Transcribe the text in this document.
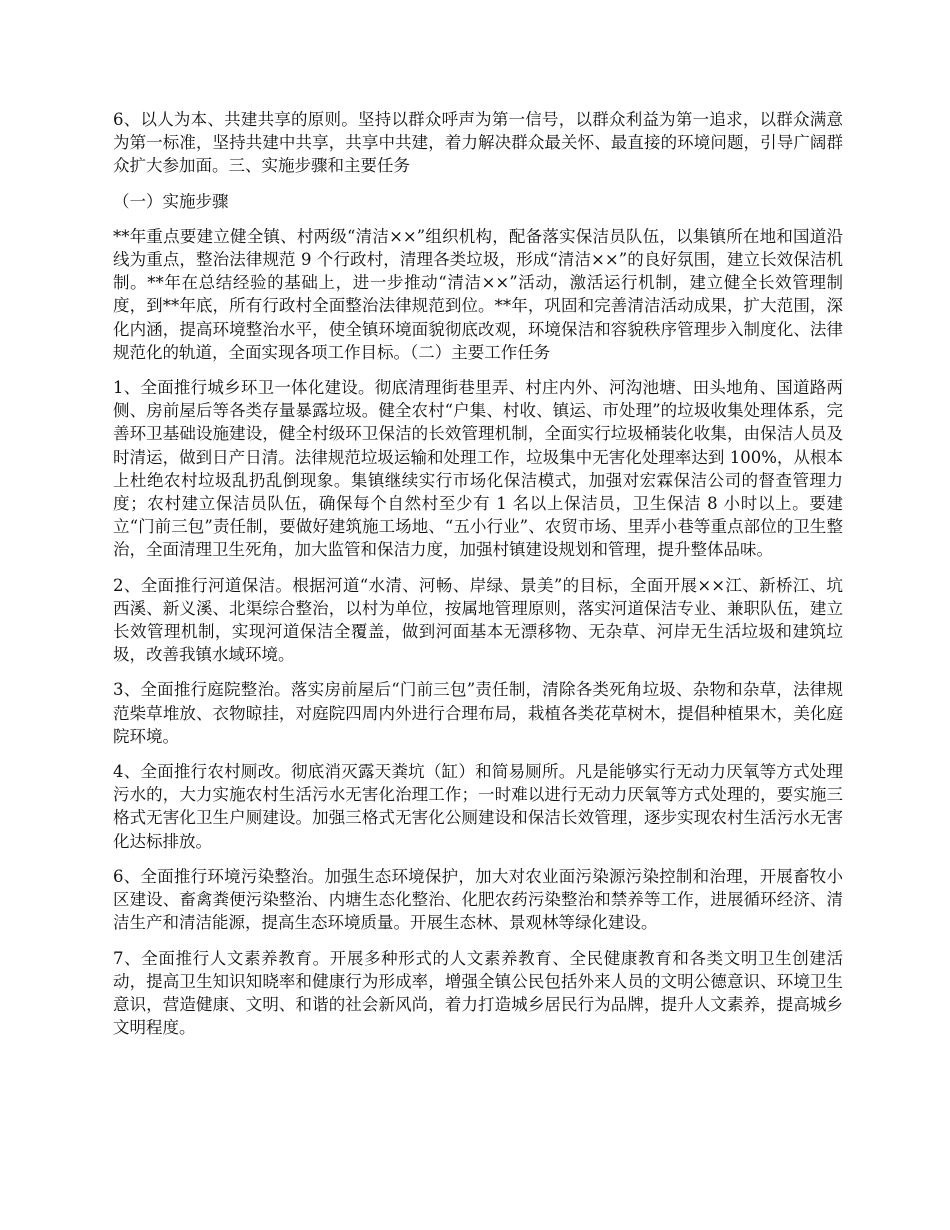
6、以人为本、共建共享的原则。坚持以群众呼声为第一信号，以群众利益为第一追求，以群众满意为第一标准，坚持共建中共享，共享中共建，着力解决群众最关怀、最直接的环境问题，引导广阔群众扩大参加面。三、实施步骤和主要任务

（一）实施步骤

**年重点要建立健全镇、村两级“清洁××”组织机构，配备落实保洁员队伍，以集镇所在地和国道沿线为重点，整治法律规范 9 个行政村，清理各类垃圾，形成“清洁××”的良好氛围，建立长效保洁机制。**年在总结经验的基础上，进一步推动“清洁××”活动，激活运行机制，建立健全长效管理制度，到**年底，所有行政村全面整治法律规范到位。**年，巩固和完善清洁活动成果，扩大范围，深化内涵，提高环境整治水平，使全镇环境面貌彻底改观，环境保洁和容貌秩序管理步入制度化、法律规范化的轨道，全面实现各项工作目标。（二）主要工作任务

1、全面推行城乡环卫一体化建设。彻底清理街巷里弄、村庄内外、河沟池塘、田头地角、国道路两侧、房前屋后等各类存量暴露垃圾。健全农村“户集、村收、镇运、市处理”的垃圾收集处理体系，完善环卫基础设施建设，健全村级环卫保洁的长效管理机制，全面实行垃圾桶装化收集，由保洁人员及时清运，做到日产日清。法律规范垃圾运输和处理工作，垃圾集中无害化处理率达到 100%，从根本上杜绝农村垃圾乱扔乱倒现象。集镇继续实行市场化保洁模式，加强对宏霖保洁公司的督查管理力度；农村建立保洁员队伍，确保每个自然村至少有 1 名以上保洁员，卫生保洁 8 小时以上。要建立“门前三包”责任制，要做好建筑施工场地、“五小行业”、农贸市场、里弄小巷等重点部位的卫生整治，全面清理卫生死角，加大监管和保洁力度，加强村镇建设规划和管理，提升整体品味。

2、全面推行河道保洁。根据河道“水清、河畅、岸绿、景美”的目标，全面开展××江、新桥江、坑西溪、新义溪、北渠综合整治，以村为单位，按属地管理原则，落实河道保洁专业、兼职队伍，建立长效管理机制，实现河道保洁全覆盖，做到河面基本无漂移物、无杂草、河岸无生活垃圾和建筑垃圾，改善我镇水域环境。

3、全面推行庭院整治。落实房前屋后“门前三包”责任制，清除各类死角垃圾、杂物和杂草，法律规范柴草堆放、衣物晾挂，对庭院四周内外进行合理布局，栽植各类花草树木，提倡种植果木，美化庭院环境。

4、全面推行农村厕改。彻底消灭露天粪坑（缸）和简易厕所。凡是能够实行无动力厌氧等方式处理污水的，大力实施农村生活污水无害化治理工作；一时难以进行无动力厌氧等方式处理的，要实施三格式无害化卫生户厕建设。加强三格式无害化公厕建设和保洁长效管理，逐步实现农村生活污水无害化达标排放。

6、全面推行环境污染整治。加强生态环境保护，加大对农业面污染源污染控制和治理，开展畜牧小区建设、畜禽粪便污染整治、内塘生态化整治、化肥农药污染整治和禁养等工作，进展循环经济、清洁生产和清洁能源，提高生态环境质量。开展生态林、景观林等绿化建设。

7、全面推行人文素养教育。开展多种形式的人文素养教育、全民健康教育和各类文明卫生创建活动，提高卫生知识知晓率和健康行为形成率，增强全镇公民包括外来人员的文明公德意识、环境卫生意识，营造健康、文明、和谐的社会新风尚，着力打造城乡居民行为品牌，提升人文素养，提高城乡文明程度。
